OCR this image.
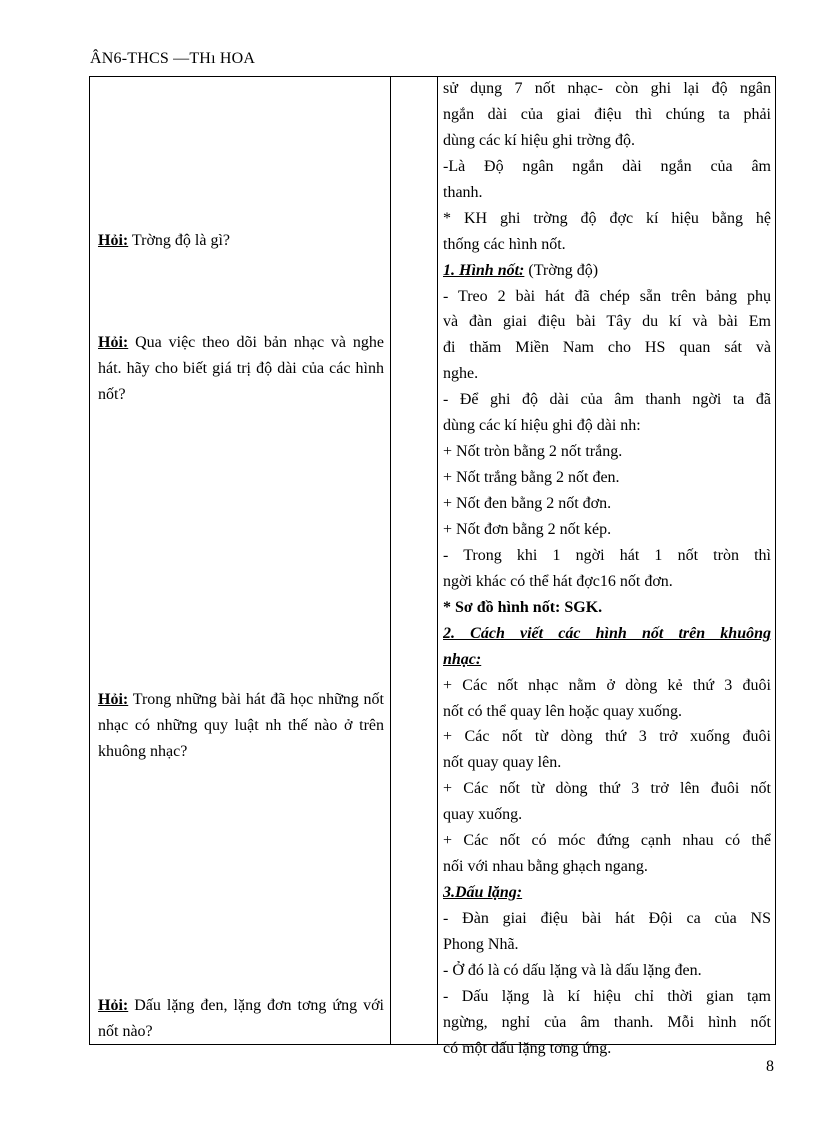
ÂN6-THCS —THı HOA
Hỏi: Trờng độ là gì?
Hỏi: Qua việc theo dõi bản nhạc và nghe hát. hãy cho biết giá trị độ dài của các hình nốt?
Hỏi: Trong những bài hát đã học những nốt nhạc có những quy luật nh thế nào ở trên khuông nhạc?
Hỏi: Dấu lặng đen, lặng đơn tơng ứng với nốt nào?
sử dụng 7 nốt nhạc- còn ghi lại độ ngân
ngắn dài của giai điệu thì chúng ta phải
dùng các kí hiệu ghi trờng độ.
-Là Độ ngân ngắn dài ngắn của âm
thanh.
* KH ghi trờng độ đợc kí hiệu bằng hệ
thống các hình nốt.
1. Hình nốt: (Trờng độ)
- Treo 2 bài hát đã chép sẵn trên bảng phụ
và đàn giai điệu bài Tây du kí và bài Em
đi thăm Miền Nam cho HS quan sát và
nghe.
- Để ghi độ dài của âm thanh ngời ta đã
dùng các kí hiệu ghi độ dài nh:
+ Nốt tròn bằng 2 nốt trắng.
+ Nốt trắng bằng 2 nốt đen.
+ Nốt đen bằng 2 nốt đơn.
+ Nốt đơn bằng 2 nốt kép.
- Trong khi 1 ngời hát 1 nốt tròn thì
ngời khác có thể hát đợc16 nốt đơn.
* Sơ đồ hình nốt: SGK.
2. Cách viết các hình nốt trên khuông
nhạc:
+ Các nốt nhạc nằm ở dòng kẻ thứ 3 đuôi
nốt có thể quay lên hoặc quay xuống.
+ Các nốt từ dòng thứ 3 trở xuống đuôi
nốt quay quay lên.
+ Các nốt từ dòng thứ 3 trở lên đuôi nốt
quay xuống.
+ Các nốt có móc đứng cạnh nhau có thể
nối với nhau bằng ghạch ngang.
3.Dấu lặng:
- Đàn giai điệu bài hát Đội ca của NS
Phong Nhã.
- Ở đó là có dấu lặng và là dấu lặng đen.
- Dấu lặng là kí hiệu chỉ thời gian tạm
ngừng, nghỉ của âm thanh. Mỗi hình nốt
có một dấu lặng tơng ứng.
8
